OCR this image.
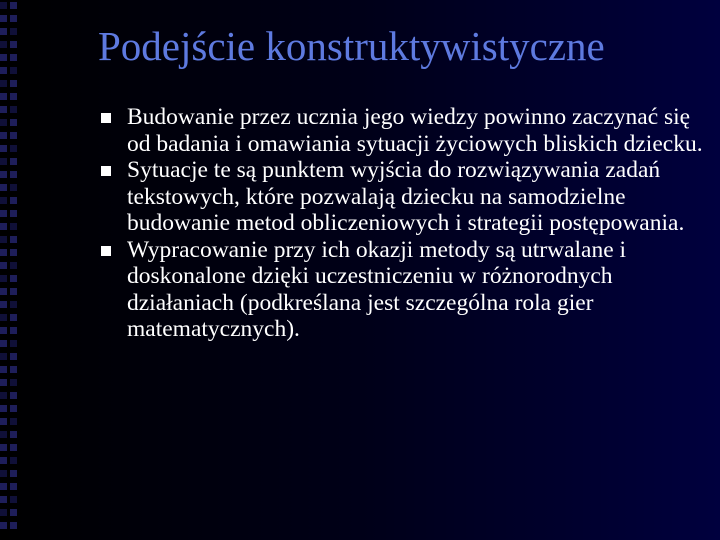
Podejście konstruktywistyczne
Budowanie przez ucznia jego wiedzy powinno zaczynać się od badania i omawiania sytuacji życiowych bliskich dziecku.
Sytuacje te są punktem wyjścia do rozwiązywania zadań tekstowych, które pozwalają dziecku na samodzielne budowanie metod obliczeniowych i strategii postępowania.
Wypracowanie przy ich okazji metody są utrwalane i doskonalone dzięki uczestniczeniu w różnorodnych działaniach (podkreślana jest szczególna rola gier matematycznych).
